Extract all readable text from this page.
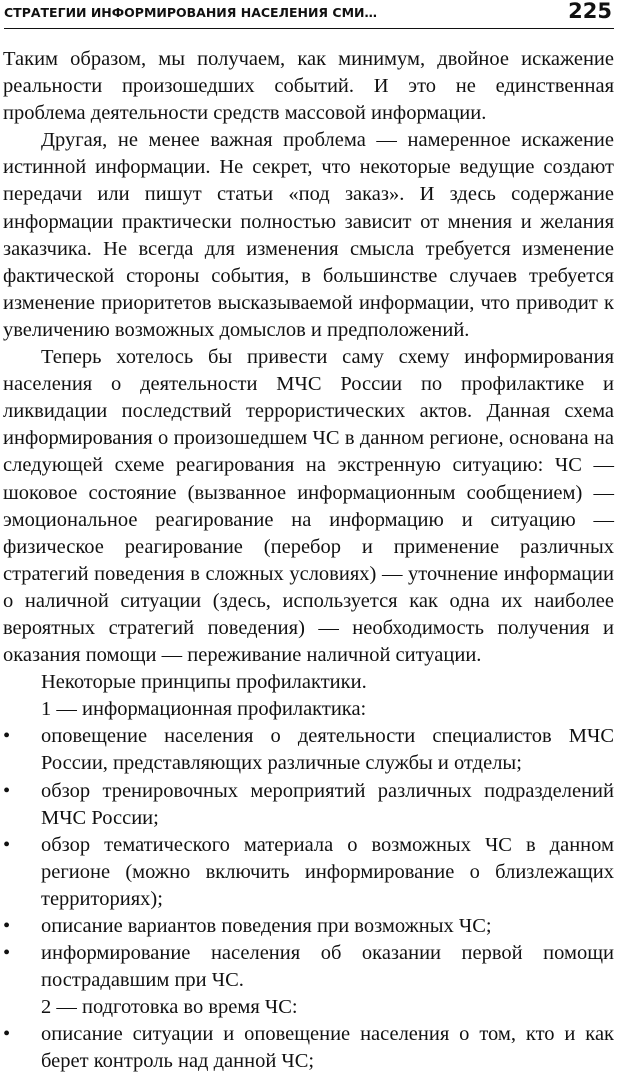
СТРАТЕГИИ ИНФОРМИРОВАНИЯ НАСЕЛЕНИЯ СМИ…	225

Таким образом, мы получаем, как минимум, двойное искажение реальности произошедших событий. И это не единственная проблема деятельности средств массовой информации.

Другая, не менее важная проблема — намеренное искажение истинной информации. Не секрет, что некоторые ведущие создают передачи или пишут статьи «под заказ». И здесь содержание информации практически полностью зависит от мнения и желания заказчика. Не всегда для изменения смысла требуется изменение фактической стороны события, в большинстве случаев требуется изменение приоритетов высказываемой информации, что приводит к увеличению возможных домыслов и предположений.

Теперь хотелось бы привести саму схему информирования населения о деятельности МЧС России по профилактике и ликвидации последствий террористических актов. Данная схема информирования о произошедшем ЧС в данном регионе, основана на следующей схеме реагирования на экстренную ситуацию: ЧС — шоковое состояние (вызванное информационным сообщением) — эмоциональное реагирование на информацию и ситуацию — физическое реагирование (перебор и применение различных стратегий поведения в сложных условиях) — уточнение информации о наличной ситуации (здесь, используется как одна их наиболее вероятных стратегий поведения) — необходимость получения и оказания помощи — переживание наличной ситуации.

Некоторые принципы профилактики.

1 — информационная профилактика:

• оповещение населения о деятельности специалистов МЧС России, представляющих различные службы и отделы;
• обзор тренировочных мероприятий различных подразделений МЧС России;
• обзор тематического материала о возможных ЧС в данном регионе (можно включить информирование о близлежащих территориях);
• описание вариантов поведения при возможных ЧС;
• информирование населения об оказании первой помощи пострадавшим при ЧС.

2 — подготовка во время ЧС:

• описание ситуации и оповещение населения о том, кто и как берет контроль над данной ЧС;
